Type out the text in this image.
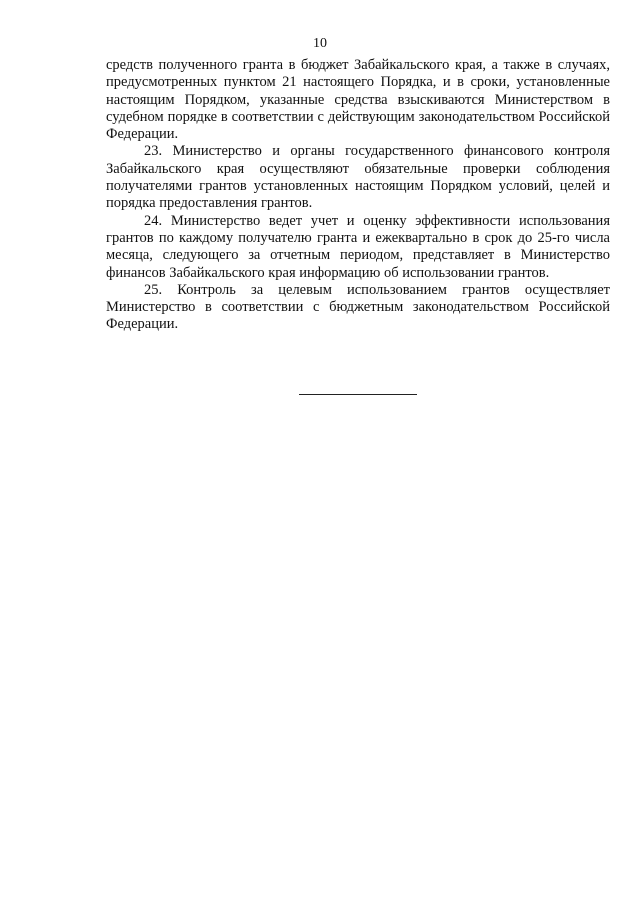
10

средств полученного гранта в бюджет Забайкальского края, а также в случаях, предусмотренных пунктом 21 настоящего Порядка, и в сроки, установленные настоящим Порядком, указанные средства взыскиваются Министерством в судебном порядке в соответствии с действующим законодательством Российской Федерации.

23. Министерство и органы государственного финансового контроля Забайкальского края осуществляют обязательные проверки соблюдения получателями грантов установленных настоящим Порядком условий, целей и порядка предоставления грантов.

24. Министерство ведет учет и оценку эффективности использования грантов по каждому получателю гранта и ежеквартально в срок до 25-го числа месяца, следующего за отчетным периодом, представляет в Министерство финансов Забайкальского края информацию об использовании грантов.

25. Контроль за целевым использованием грантов осуществляет Министерство в соответствии с бюджетным законодательством Российской Федерации.
